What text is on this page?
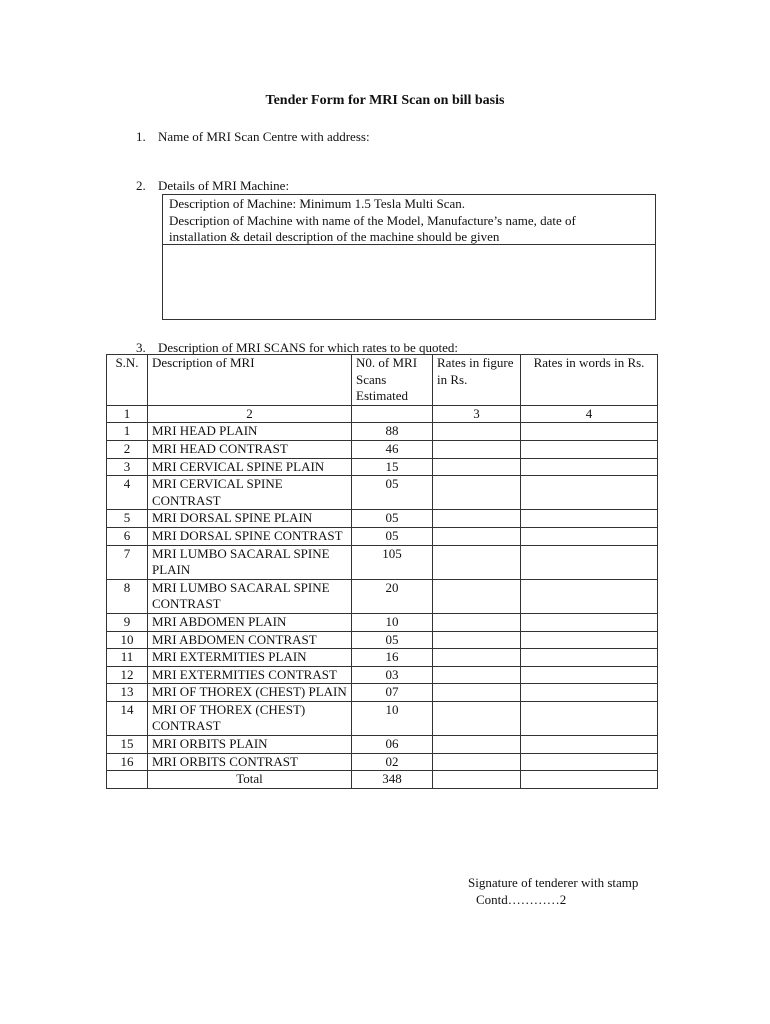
Tender Form for MRI Scan on bill basis
1. Name of MRI Scan Centre with address:
2. Details of MRI Machine:
Description of Machine: Minimum 1.5 Tesla Multi Scan.
Description of Machine with name of the Model, Manufacture’s name, date of
installation & detail description of the machine should be given
3. Description of MRI SCANS for which rates to be quoted:
S.N.	Description of MRI	N0. of MRI Scans Estimated	Rates in figure in Rs.	Rates in words in Rs.
1	2		3	4
1	MRI HEAD PLAIN	88		
2	MRI HEAD CONTRAST	46		
3	MRI CERVICAL SPINE PLAIN	15		
4	MRI CERVICAL SPINE CONTRAST	05		
5	MRI DORSAL SPINE PLAIN	05		
6	MRI DORSAL SPINE CONTRAST	05		
7	MRI LUMBO SACARAL SPINE PLAIN	105		
8	MRI LUMBO SACARAL SPINE CONTRAST	20		
9	MRI ABDOMEN PLAIN	10		
10	MRI ABDOMEN CONTRAST	05		
11	MRI EXTERMITIES PLAIN	16		
12	MRI EXTERMITIES CONTRAST	03		
13	MRI OF THOREX (CHEST) PLAIN	07		
14	MRI OF THOREX (CHEST) CONTRAST	10		
15	MRI ORBITS PLAIN	06		
16	MRI ORBITS CONTRAST	02		
	Total	348		
Signature of tenderer with stamp
Contd…………2
